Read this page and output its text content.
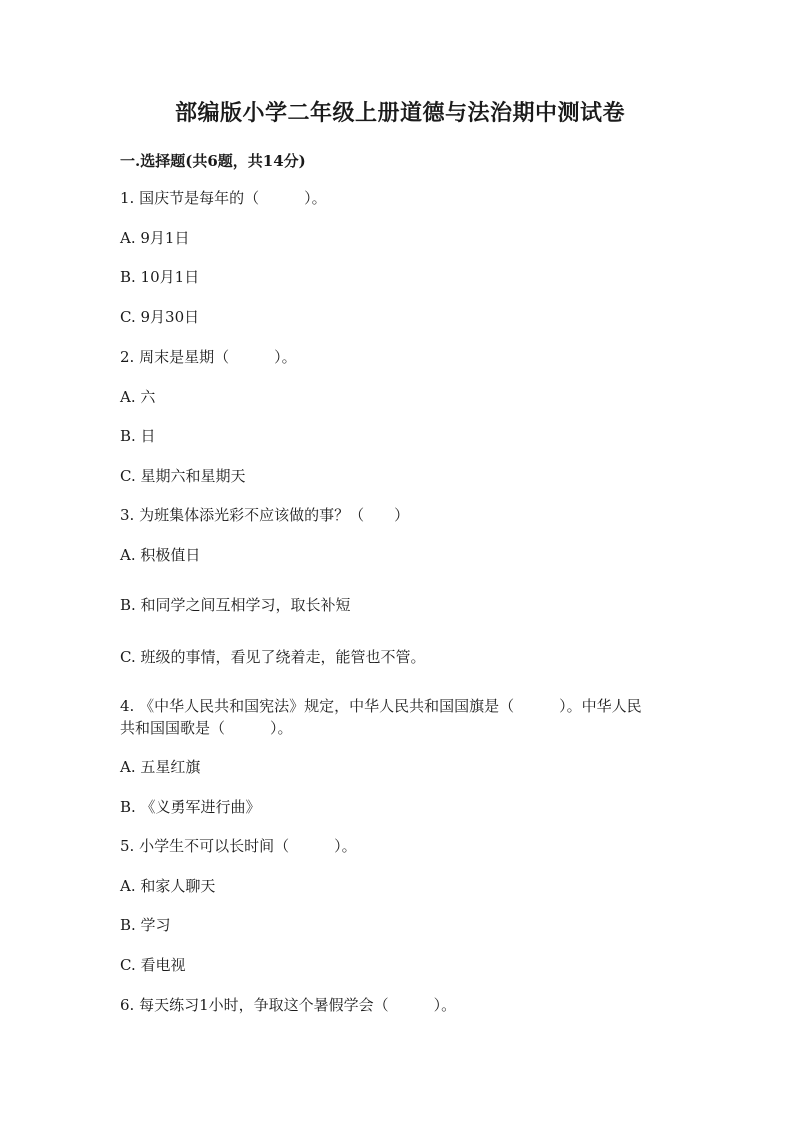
部编版小学二年级上册道德与法治期中测试卷
一.选择题(共6题，共14分)
1. 国庆节是每年的（　　　）。
A. 9月1日
B. 10月1日
C. 9月30日
2. 周末是星期（　　　）。
A. 六
B. 日
C. 星期六和星期天
3. 为班集体添光彩不应该做的事？（　　）
A. 积极值日
B. 和同学之间互相学习，取长补短
C. 班级的事情，看见了绕着走，能管也不管。
4. 《中华人民共和国宪法》规定，中华人民共和国国旗是（　　　）。中华人民
共和国国歌是（　　　）。
A. 五星红旗
B. 《义勇军进行曲》
5. 小学生不可以长时间（　　　）。
A. 和家人聊天
B. 学习
C. 看电视
6. 每天练习1小时，争取这个暑假学会（　　　）。
